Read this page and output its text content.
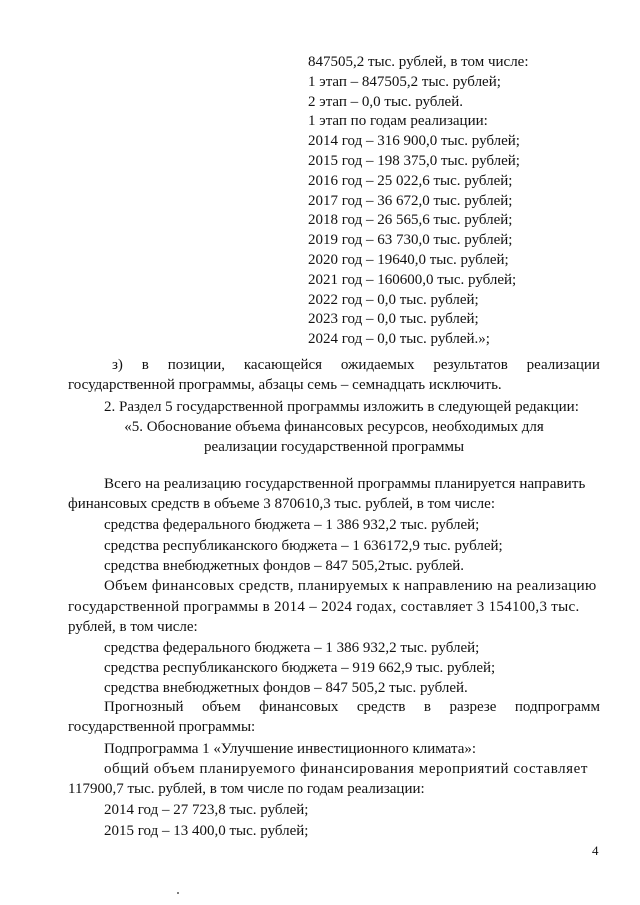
847505,2 тыс. рублей, в том числе:
1 этап – 847505,2 тыс. рублей;
2 этап – 0,0 тыс. рублей.
1 этап по годам реализации:
2014 год – 316 900,0 тыс. рублей;
2015 год – 198 375,0 тыс. рублей;
2016 год – 25 022,6 тыс. рублей;
2017 год – 36 672,0 тыс. рублей;
2018 год – 26 565,6 тыс. рублей;
2019 год – 63 730,0 тыс. рублей;
2020 год – 19640,0 тыс. рублей;
2021 год – 160600,0 тыс. рублей;
2022 год – 0,0 тыс. рублей;
2023 год – 0,0 тыс. рублей;
2024 год – 0,0 тыс. рублей.»;
з) в позиции, касающейся ожидаемых результатов реализации
государственной программы, абзацы семь – семнадцать исключить.
2. Раздел 5 государственной программы изложить в следующей редакции:
«5. Обоснование объема финансовых ресурсов, необходимых для
реализации государственной программы
Всего на реализацию государственной программы планируется направить
финансовых средств в объеме 3 870610,3 тыс. рублей, в том числе:
средства федерального бюджета – 1 386 932,2 тыс. рублей;
средства республиканского бюджета – 1 636172,9 тыс. рублей;
средства внебюджетных фондов – 847 505,2тыс. рублей.
Объем финансовых средств, планируемых к направлению на реализацию
государственной программы в 2014 – 2024 годах, составляет 3 154100,3 тыс.
рублей, в том числе:
средства федерального бюджета – 1 386 932,2 тыс. рублей;
средства республиканского бюджета – 919 662,9 тыс. рублей;
средства внебюджетных фондов – 847 505,2 тыс. рублей.
Прогнозный объем финансовых средств в разрезе подпрограмм
государственной программы:
Подпрограмма 1 «Улучшение инвестиционного климата»:
общий объем планируемого финансирования мероприятий составляет
117900,7 тыс. рублей, в том числе по годам реализации:
2014 год – 27 723,8 тыс. рублей;
2015 год – 13 400,0 тыс. рублей;
4
